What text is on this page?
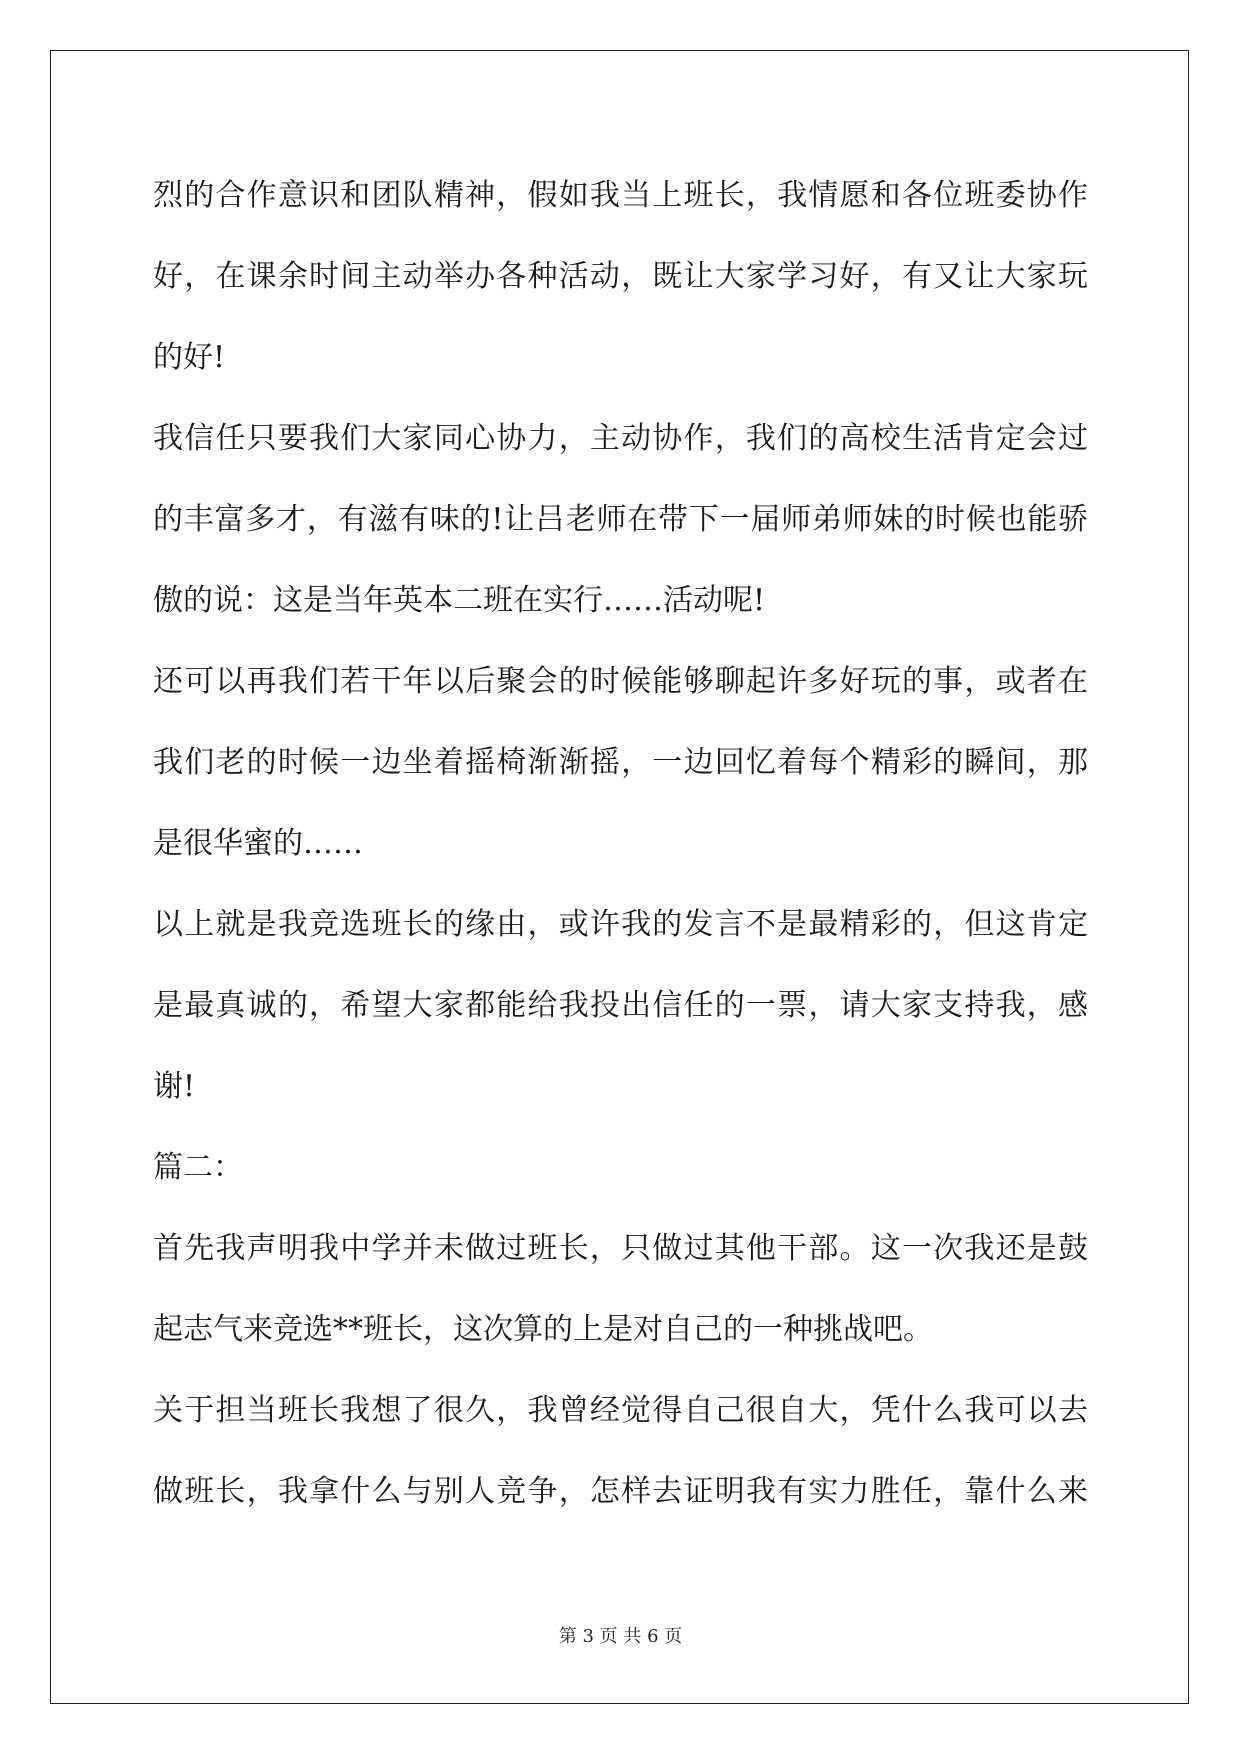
烈的合作意识和团队精神，假如我当上班长，我情愿和各位班委协作
好，在课余时间主动举办各种活动，既让大家学习好，有又让大家玩
的好!
我信任只要我们大家同心协力，主动协作，我们的高校生活肯定会过
的丰富多才，有滋有味的!让吕老师在带下一届师弟师妹的时候也能骄
傲的说：这是当年英本二班在实行……活动呢!
还可以再我们若干年以后聚会的时候能够聊起许多好玩的事，或者在
我们老的时候一边坐着摇椅渐渐摇，一边回忆着每个精彩的瞬间，那
是很华蜜的……
以上就是我竞选班长的缘由，或许我的发言不是最精彩的，但这肯定
是最真诚的，希望大家都能给我投出信任的一票，请大家支持我，感
谢!
篇二：
首先我声明我中学并未做过班长，只做过其他干部。这一次我还是鼓
起志气来竞选**班长，这次算的上是对自己的一种挑战吧。
关于担当班长我想了很久，我曾经觉得自己很自大，凭什么我可以去
做班长，我拿什么与别人竞争，怎样去证明我有实力胜任，靠什么来
第 3 页 共 6 页
